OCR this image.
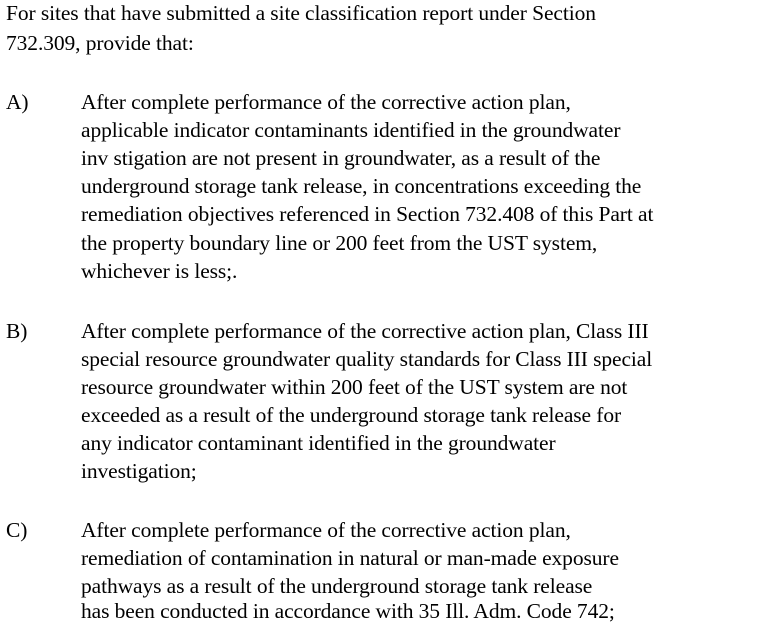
For sites that have submitted a site classification report under Section
732.309, provide that:
A) After complete performance of the corrective action plan,
applicable indicator contaminants identified in the groundwater
inv stigation are not present in groundwater, as a result of the
underground storage tank release, in concentrations exceeding the
remediation objectives referenced in Section 732.408 of this Part at
the property boundary line or 200 feet from the UST system,
whichever is less;.
B) After complete performance of the corrective action plan, Class III
special resource groundwater quality standards for Class III special
resource groundwater within 200 feet of the UST system are not
exceeded as a result of the underground storage tank release for
any indicator contaminant identified in the groundwater
investigation;
C) After complete performance of the corrective action plan,
remediation of contamination in natural or man-made exposure
pathways as a result of the underground storage tank release
has been conducted in accordance with 35 Ill. Adm. Code 742;
